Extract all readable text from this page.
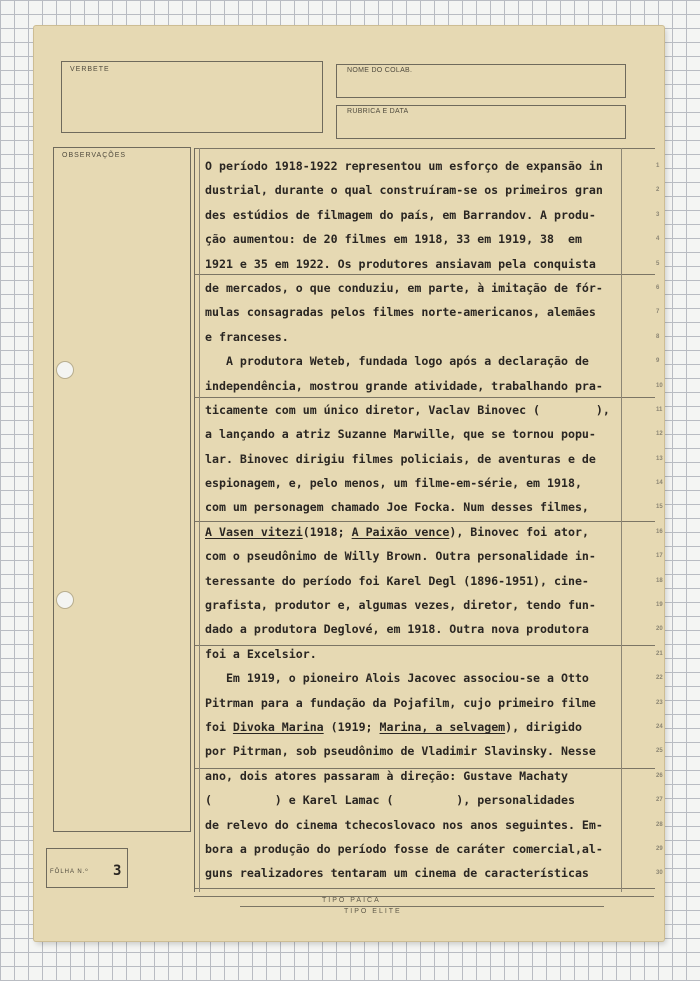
VERBETE	NOME DO COLAB.
RUBRICA E DATA
OBSERVAÇÕES
FÔLHA N.º 3
O período 1918-1922 representou um esforço de expansão in	1
dustrial, durante o qual construíram-se os primeiros gran	2
des estúdios de filmagem do país, em Barrandov. A produ-	3
ção aumentou: de 20 filmes em 1918, 33 em 1919, 38  em	4
1921 e 35 em 1922. Os produtores ansiavam pela conquista	5
de mercados, o que conduziu, em parte, à imitação de fór-	6
mulas consagradas pelos filmes norte-americanos, alemães	7
e franceses.	8
A produtora Weteb, fundada logo após a declaração de	9
independência, mostrou grande atividade, trabalhando pra-	10
ticamente com um único diretor, Vaclav Binovec (        ),	11
a lançando a atriz Suzanne Marwille, que se tornou popu-	12
lar. Binovec dirigiu filmes policiais, de aventuras e de	13
espionagem, e, pelo menos, um filme-em-série, em 1918,	14
com um personagem chamado Joe Focka. Num desses filmes,	15
A Vasen vitezi(1918; A Paixão vence), Binovec foi ator,	16
com o pseudônimo de Willy Brown. Outra personalidade in-	17
teressante do período foi Karel Degl (1896-1951), cine-	18
grafista, produtor e, algumas vezes, diretor, tendo fun-	19
dado a produtora Deglové, em 1918. Outra nova produtora	20
foi a Excelsior.	21
Em 1919, o pioneiro Alois Jacovec associou-se a Otto	22
Pitrman para a fundação da Pojafilm, cujo primeiro filme	23
foi Divoka Marina (1919; Marina, a selvagem), dirigido	24
por Pitrman, sob pseudônimo de Vladimir Slavinsky. Nesse	25
ano, dois atores passaram à direção: Gustave Machaty	26
(         ) e Karel Lamac (         ), personalidades	27
de relevo do cinema tchecoslovaco nos anos seguintes. Em-	28
bora a produção do período fosse de caráter comercial,al-	29
guns realizadores tentaram um cinema de características	30
TIPO PAICA
TIPO ELITE
